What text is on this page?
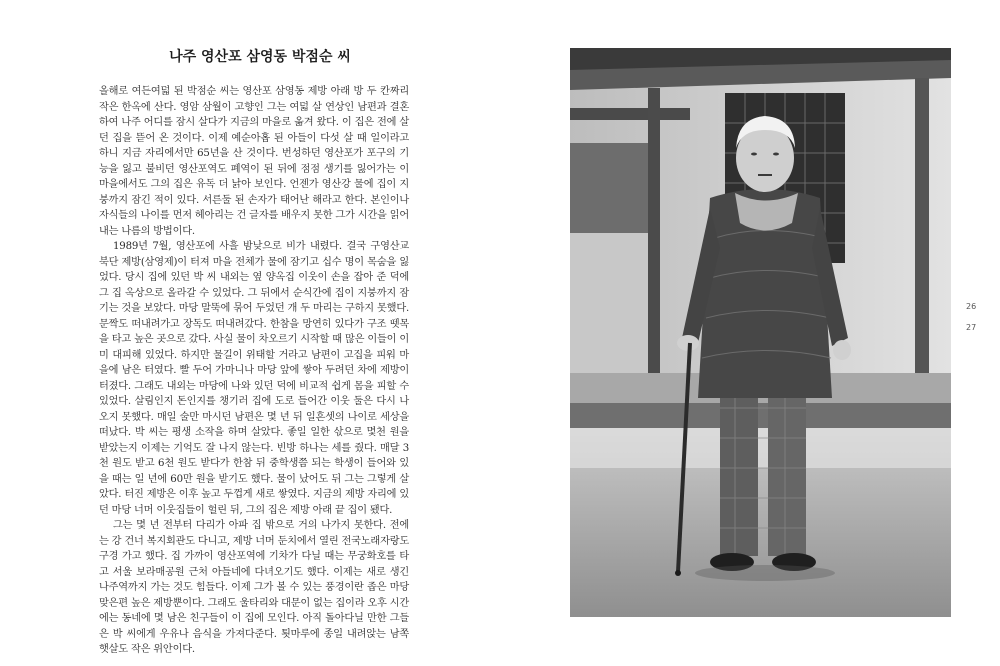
나주 영산포 삼영동 박점순 씨

올해로 여든여덟 된 박점순 씨는 영산포 삼영동 제방 아래 방 두 칸짜리 작은 한옥에 산다. 영암 삼월이 고향인 그는 여덟 살 연상인 남편과 결혼하여 나주 어디를 잠시 살다가 지금의 마을로 옮겨 왔다. 이 집은 전에 살던 집을 뜯어 온 것이다. 이제 예순아홉 된 아들이 다섯 살 때 일이라고 하니 지금 자리에서만 65년을 산 것이다. 번성하던 영산포가 포구의 기능을 잃고 불비던 영산포역도 폐역이 된 뒤에 점점 생기를 잃어가는 이 마을에서도 그의 집은 유독 더 낡아 보인다. 언젠가 영산강 물에 집이 지붕까지 잠긴 적이 있다. 서른둘 된 손자가 태어난 해라고 한다. 본인이나 자식들의 나이를 먼저 헤아리는 건 글자를 배우지 못한 그가 시간을 읽어 내는 나름의 방법이다.

1989년 7월, 영산포에 사흘 밤낮으로 비가 내렸다. 결국 구영산교 북단 제방(삼영제)이 터져 마을 전체가 물에 잠기고 십수 명이 목숨을 잃었다. 당시 집에 있던 박 씨 내외는 옆 양옥집 이웃이 손을 잡아 준 덕에 그 집 옥상으로 올라갈 수 있었다. 그 뒤에서 순식간에 집이 지붕까지 잠기는 것을 보았다. 마당 말뚝에 묶어 두었던 개 두 마리는 구하지 못했다. 문짝도 떠내려가고 장독도 떠내려갔다. 한참을 망연히 있다가 구조 뗏목을 타고 높은 곳으로 갔다. 사실 물이 차오르기 시작할 때 많은 이들이 이미 대피해 있었다. 하지만 물길이 위태할 거라고 남편이 고집을 피워 마을에 남은 터였다. 빨 두어 가마니나 마당 앞에 쌓아 두려던 차에 제방이 터졌다. 그래도 내외는 마당에 나와 있던 덕에 비교적 쉽게 몸을 피할 수 있었다. 살림인지 돈인지를 챙기러 집에 도로 들어간 이웃 둘은 다시 나오지 못했다. 매일 술만 마시던 남편은 몇 년 뒤 일흔셋의 나이로 세상을 떠났다. 박 씨는 평생 소작을 하며 살았다. 좋일 일한 삯으로 몇천 원을 받았는지 이제는 기억도 잘 나지 않는다. 빈방 하나는 세를 줬다. 매달 3천 원도 받고 6천 원도 받다가 한참 뒤 중학생쯤 되는 학생이 들어와 있을 때는 일 년에 60만 원을 받기도 했다. 물이 났어도 뒤 그는 그렇게 살았다. 터진 제방은 이후 높고 두껍게 새로 쌓였다. 지금의 제방 자리에 있던 마당 너머 이웃집들이 헐린 뒤, 그의 집은 제방 아래 끝 집이 됐다.

그는 몇 년 전부터 다리가 아파 집 밖으로 거의 나가지 못한다. 전에는 강 건너 복지회관도 다니고, 제방 너머 둔치에서 열린 전국노래자랑도 구경 가고 했다. 집 가까이 영산포역에 기차가 다닐 때는 무궁화호를 타고 서울 보라매공원 근처 아들네에 다녀오기도 했다. 이제는 새로 생긴 나주역까지 가는 것도 힘들다. 이제 그가 볼 수 있는 풍경이란 좁은 마당 맞은편 높은 제방뿐이다. 그래도 울타리와 대문이 없는 집이라 오후 시간에는 동네에 몇 남은 친구들이 이 집에 모인다. 아직 돌아다닐 만한 그들은 박 씨에게 우유나 음식을 가져다준다. 툇마루에 종일 내려앉는 남쪽 햇살도 작은 위안이다.

26
27
